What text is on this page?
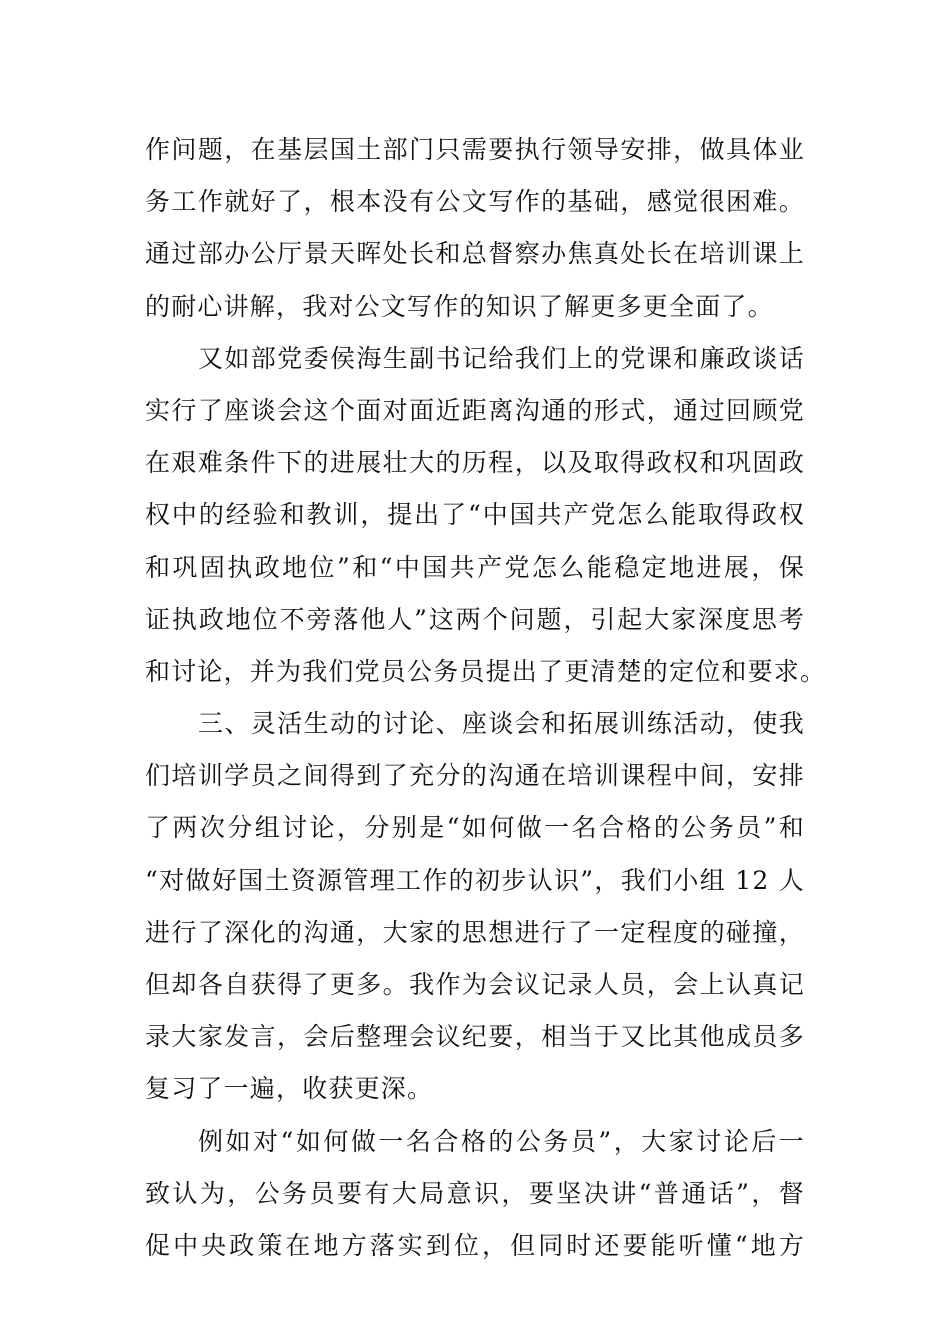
作问题，在基层国土部门只需要执行领导安排，做具体业
务工作就好了，根本没有公文写作的基础，感觉很困难。
通过部办公厅景天晖处长和总督察办焦真处长在培训课上
的耐心讲解，我对公文写作的知识了解更多更全面了。
又如部党委侯海生副书记给我们上的党课和廉政谈话
实行了座谈会这个面对面近距离沟通的形式，通过回顾党
在艰难条件下的进展壮大的历程，以及取得政权和巩固政
权中的经验和教训，提出了“中国共产党怎么能取得政权
和巩固执政地位”和“中国共产党怎么能稳定地进展，保
证执政地位不旁落他人”这两个问题，引起大家深度思考
和讨论，并为我们党员公务员提出了更清楚的定位和要求。
三、灵活生动的讨论、座谈会和拓展训练活动，使我
们培训学员之间得到了充分的沟通在培训课程中间，安排
了两次分组讨论，分别是“如何做一名合格的公务员”和
“对做好国土资源管理工作的初步认识”，我们小组 12 人
进行了深化的沟通，大家的思想进行了一定程度的碰撞，
但却各自获得了更多。我作为会议记录人员，会上认真记
录大家发言，会后整理会议纪要，相当于又比其他成员多
复习了一遍，收获更深。
例如对“如何做一名合格的公务员”，大家讨论后一
致认为，公务员要有大局意识，要坚决讲“普通话”，督
促中央政策在地方落实到位，但同时还要能听懂“地方
